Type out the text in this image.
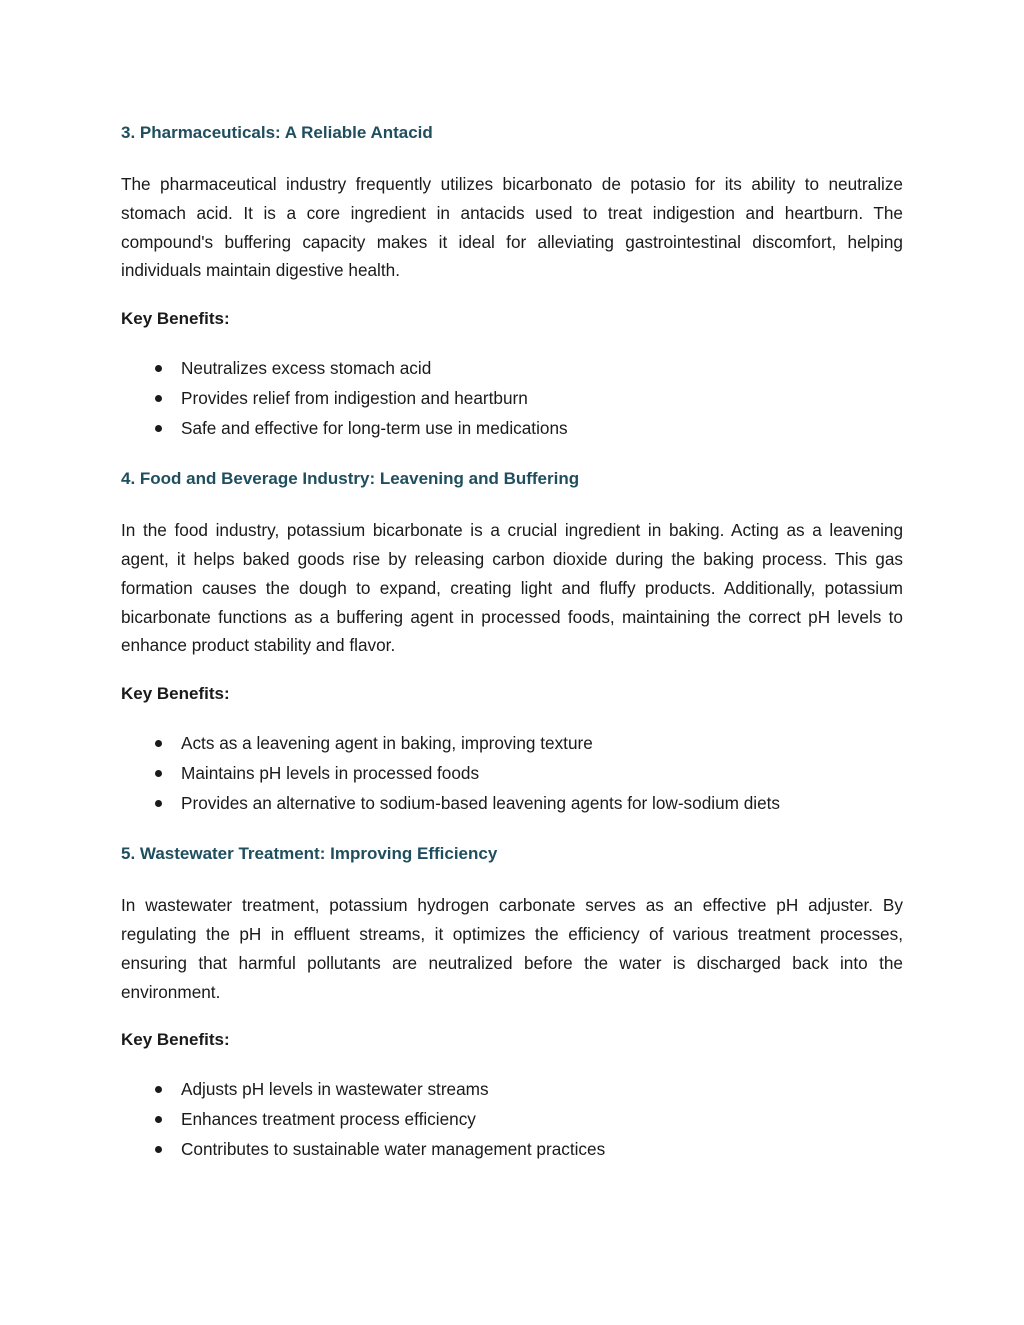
3. Pharmaceuticals: A Reliable Antacid
The pharmaceutical industry frequently utilizes bicarbonato de potasio for its ability to neutralize stomach acid. It is a core ingredient in antacids used to treat indigestion and heartburn. The compound's buffering capacity makes it ideal for alleviating gastrointestinal discomfort, helping individuals maintain digestive health.
Key Benefits:
Neutralizes excess stomach acid
Provides relief from indigestion and heartburn
Safe and effective for long-term use in medications
4. Food and Beverage Industry: Leavening and Buffering
In the food industry, potassium bicarbonate is a crucial ingredient in baking. Acting as a leavening agent, it helps baked goods rise by releasing carbon dioxide during the baking process. This gas formation causes the dough to expand, creating light and fluffy products. Additionally, potassium bicarbonate functions as a buffering agent in processed foods, maintaining the correct pH levels to enhance product stability and flavor.
Key Benefits:
Acts as a leavening agent in baking, improving texture
Maintains pH levels in processed foods
Provides an alternative to sodium-based leavening agents for low-sodium diets
5. Wastewater Treatment: Improving Efficiency
In wastewater treatment, potassium hydrogen carbonate serves as an effective pH adjuster. By regulating the pH in effluent streams, it optimizes the efficiency of various treatment processes, ensuring that harmful pollutants are neutralized before the water is discharged back into the environment.
Key Benefits:
Adjusts pH levels in wastewater streams
Enhances treatment process efficiency
Contributes to sustainable water management practices
